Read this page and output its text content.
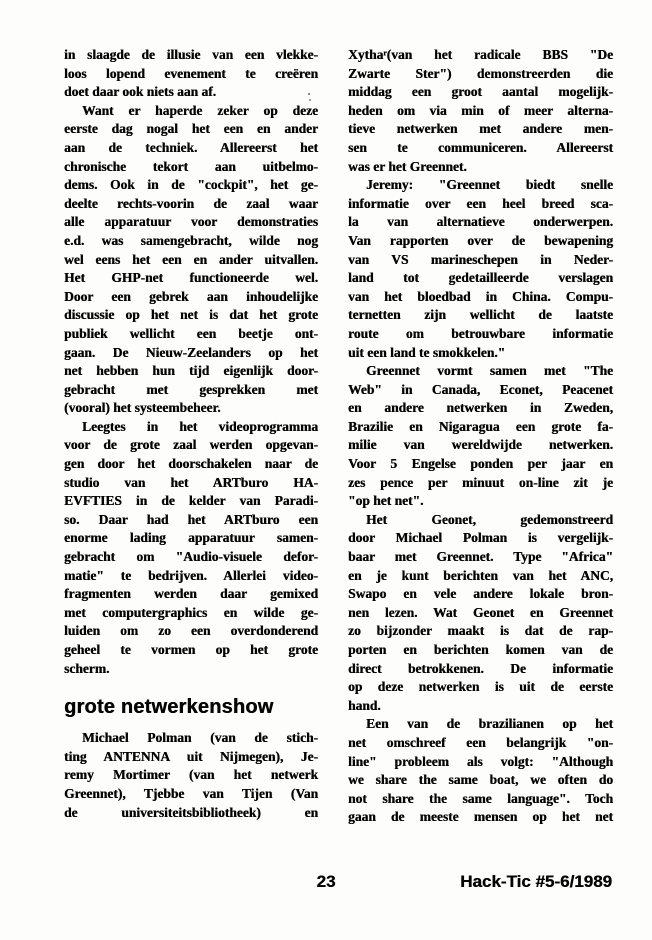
in slaagde de illusie van een vlekke-
loos lopend evenement te creëren
doet daar ook niets aan af.
Want er haperde zeker op deze
eerste dag nogal het een en ander
aan de techniek. Allereerst het
chronische tekort aan uitbelmo-
dems. Ook in de "cockpit", het ge-
deelte rechts-voorin de zaal waar
alle apparatuur voor demonstraties
e.d. was samengebracht, wilde nog
wel eens het een en ander uitvallen.
Het GHP-net functioneerde wel.
Door een gebrek aan inhoudelijke
discussie op het net is dat het grote
publiek wellicht een beetje ont-
gaan. De Nieuw-Zeelanders op het
net hebben hun tijd eigenlijk door-
gebracht met gesprekken met
(vooral) het systeembeheer.
Leegtes in het videoprogramma
voor de grote zaal werden opgevan-
gen door het doorschakelen naar de
studio van het ARTburo HA-
EVFTIES in de kelder van Paradi-
so. Daar had het ARTburo een
enorme lading apparatuur samen-
gebracht om "Audio-visuele defor-
matie" te bedrijven. Allerlei video-
fragmenten werden daar gemixed
met computergraphics en wilde ge-
luiden om zo een overdonderend
geheel te vormen op het grote
scherm.
grote netwerkenshow
Michael Polman (van de stich-
ting ANTENNA uit Nijmegen), Je-
remy Mortimer (van het netwerk
Greennet), Tjebbe van Tijen (Van
de universiteitsbibliotheek) en
Xythaʳ(van het radicale BBS "De
Zwarte Ster") demonstreerden die
middag een groot aantal mogelijk-
heden om via min of meer alterna-
tieve netwerken met andere men-
sen te communiceren. Allereerst
was er het Greennet.
Jeremy: "Greennet biedt snelle
informatie over een heel breed sca-
la van alternatieve onderwerpen.
Van rapporten over de bewapening
van VS marineschepen in Neder-
land tot gedetailleerde verslagen
van het bloedbad in China. Compu-
ternetten zijn wellicht de laatste
route om betrouwbare informatie
uit een land te smokkelen."
Greennet vormt samen met "The
Web" in Canada, Econet, Peacenet
en andere netwerken in Zweden,
Brazilie en Nigaragua een grote fa-
milie van wereldwijde netwerken.
Voor 5 Engelse ponden per jaar en
zes pence per minuut on-line zit je
"op het net".
Het Geonet, gedemonstreerd
door Michael Polman is vergelijk-
baar met Greennet. Type "Africa"
en je kunt berichten van het ANC,
Swapo en vele andere lokale bron-
nen lezen. Wat Geonet en Greennet
zo bijzonder maakt is dat de rap-
porten en berichten komen van de
direct betrokkenen. De informatie
op deze netwerken is uit de eerste
hand.
Een van de brazilianen op het
net omschreef een belangrijk "on-
line" probleem als volgt: "Although
we share the same boat, we often do
not share the same language". Toch
gaan de meeste mensen op het net
23	Hack-Tic #5-6/1989
